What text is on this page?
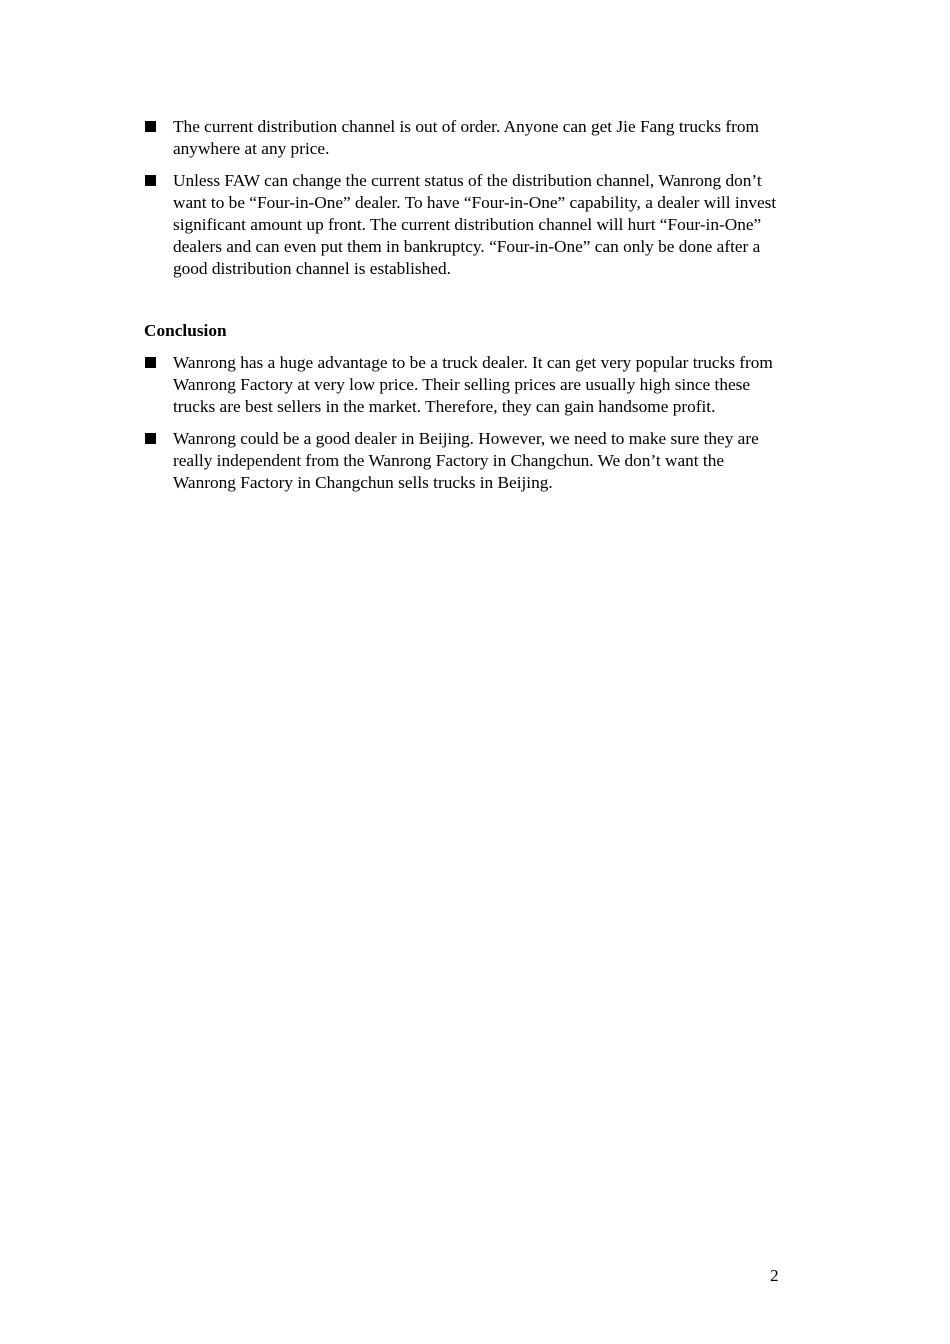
The current distribution channel is out of order. Anyone can get Jie Fang trucks from anywhere at any price.
Unless FAW can change the current status of the distribution channel, Wanrong don’t want to be “Four-in-One” dealer. To have “Four-in-One” capability, a dealer will invest significant amount up front. The current distribution channel will hurt “Four-in-One” dealers and can even put them in bankruptcy. “Four-in-One” can only be done after a good distribution channel is established.
Conclusion
Wanrong has a huge advantage to be a truck dealer. It can get very popular trucks from Wanrong Factory at very low price. Their selling prices are usually high since these trucks are best sellers in the market. Therefore, they can gain handsome profit.
Wanrong could be a good dealer in Beijing. However, we need to make sure they are really independent from the Wanrong Factory in Changchun. We don’t want the Wanrong Factory in Changchun sells trucks in Beijing.
2
